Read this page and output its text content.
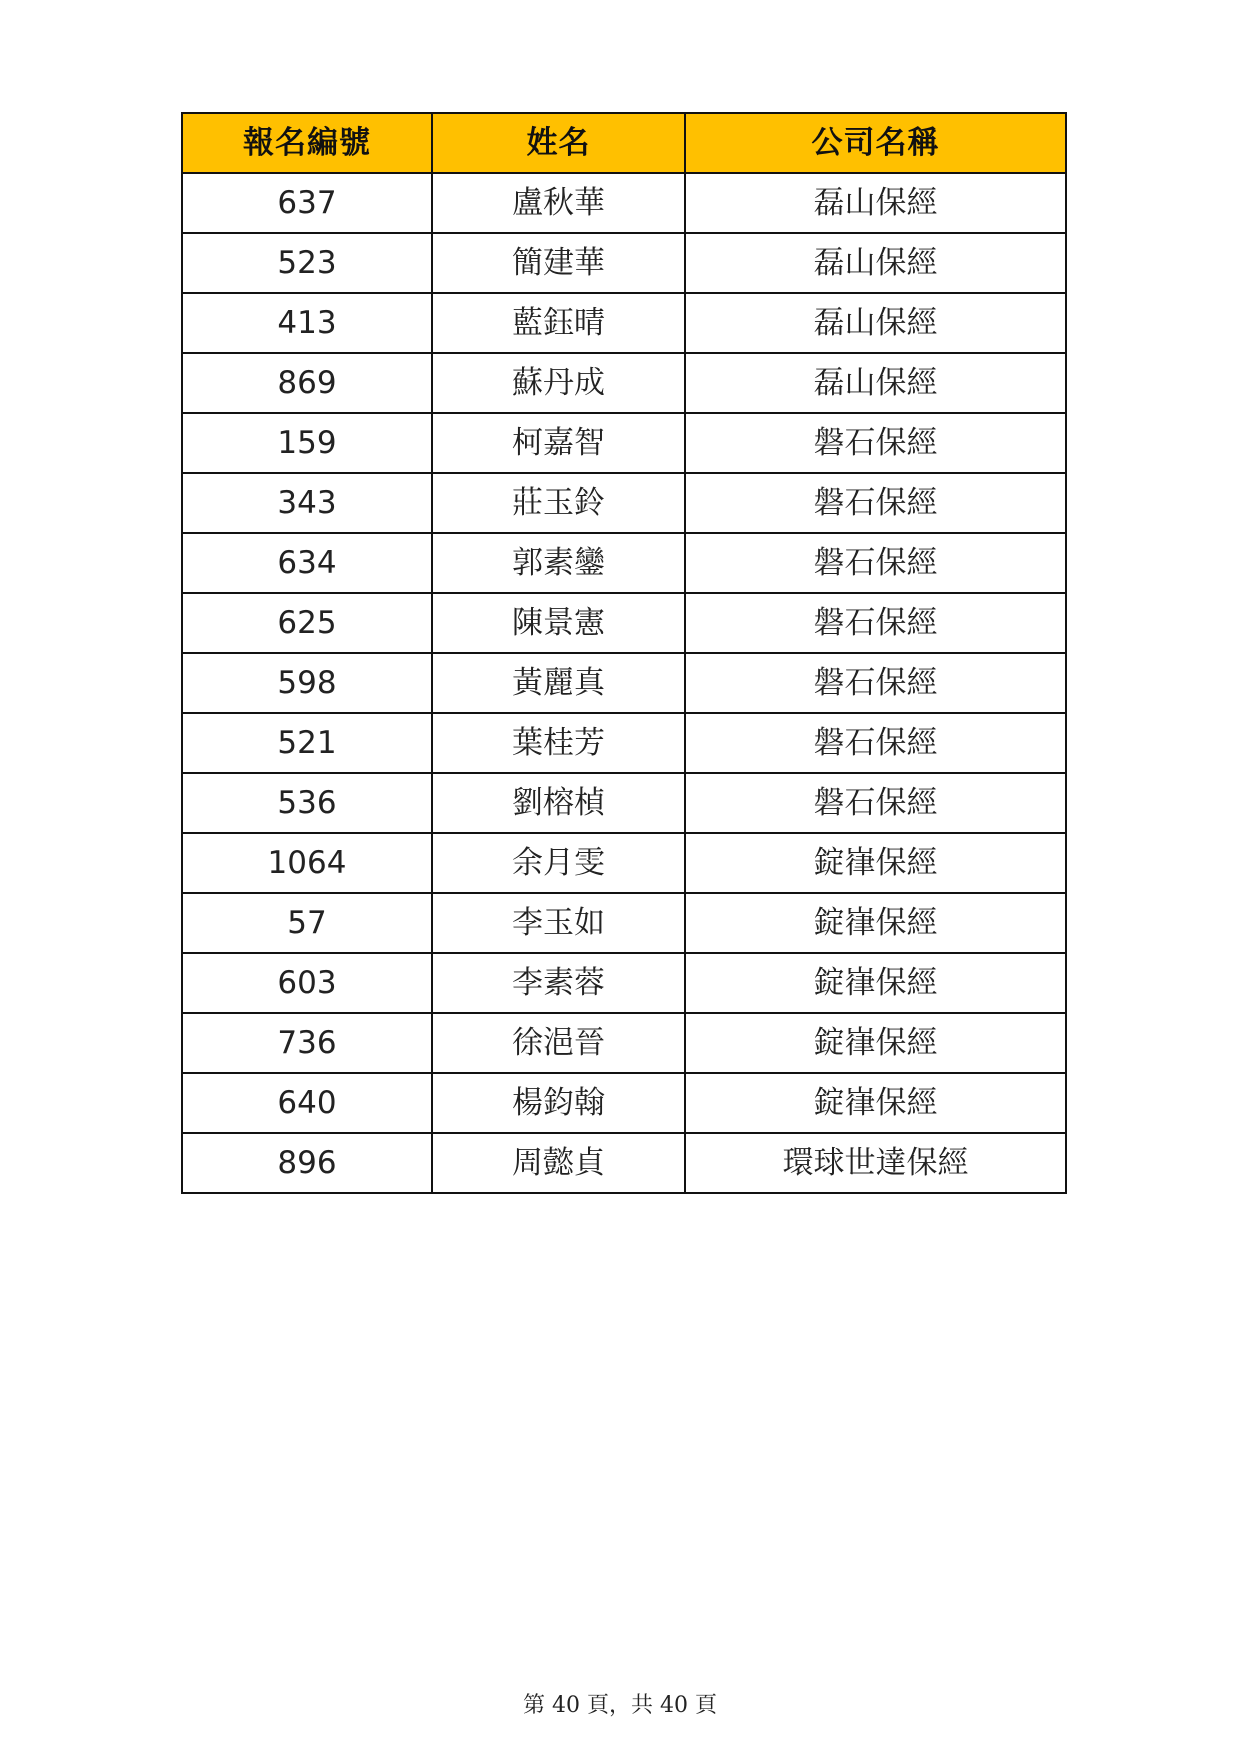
報名編號	姓名	公司名稱
637	盧秋華	磊山保經
523	簡建華	磊山保經
413	藍鈺晴	磊山保經
869	蘇丹成	磊山保經
159	柯嘉智	磐石保經
343	莊玉鈴	磐石保經
634	郭素鑾	磐石保經
625	陳景憲	磐石保經
598	黃麗真	磐石保經
521	葉桂芳	磐石保經
536	劉榕楨	磐石保經
1064	余月雯	錠嵂保經
57	李玉如	錠嵂保經
603	李素蓉	錠嵂保經
736	徐浥晉	錠嵂保經
640	楊鈞翰	錠嵂保經
896	周懿貞	環球世達保經
第 40 頁，共 40 頁
